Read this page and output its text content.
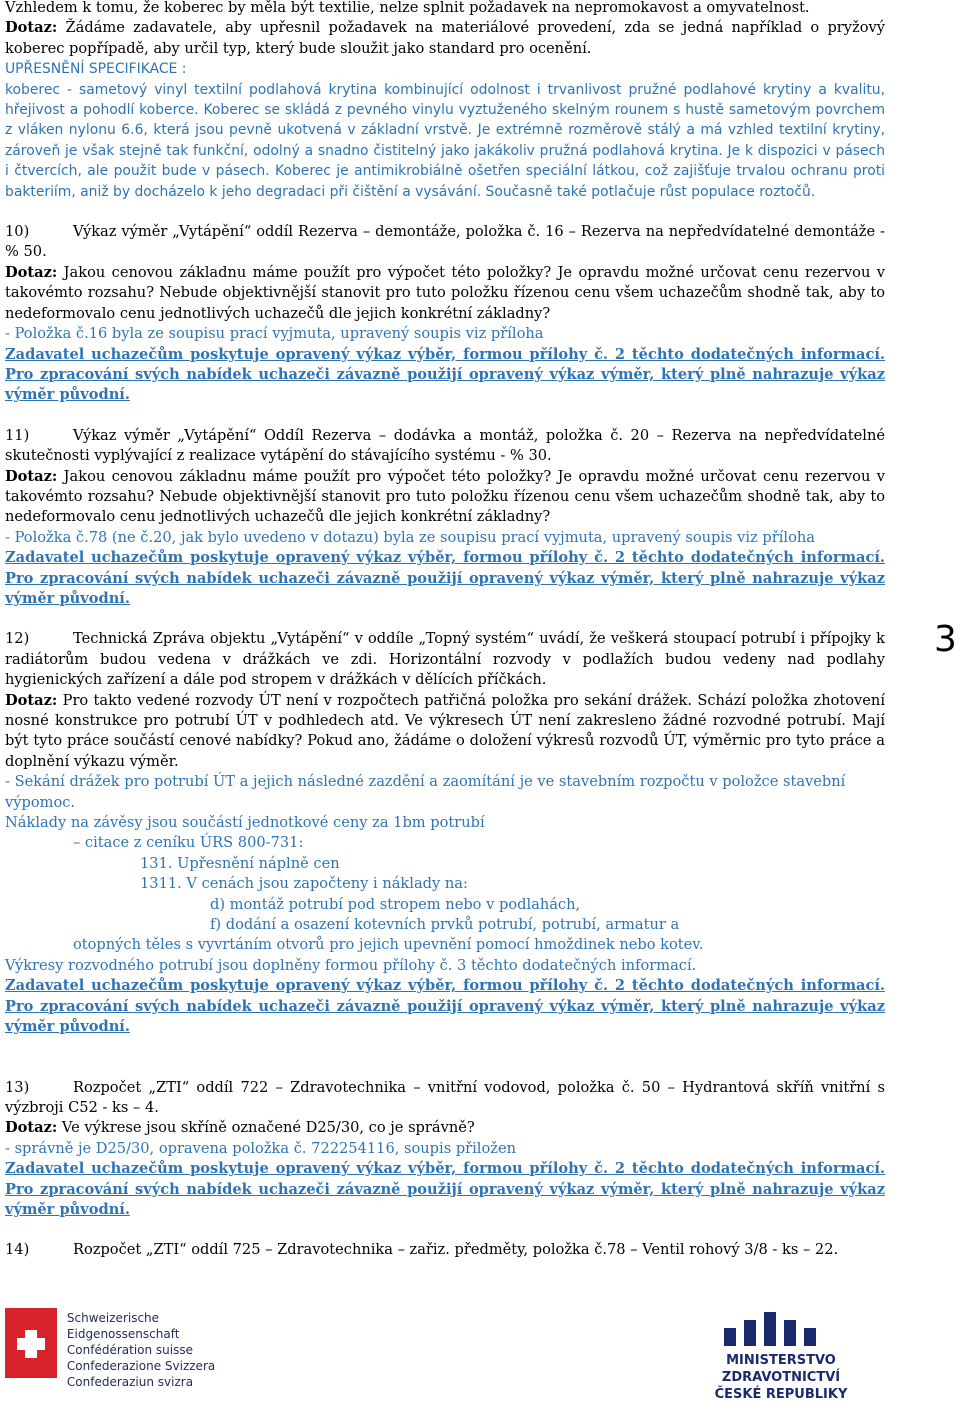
Vzhledem k tomu, že koberec by měla být textilie, nelze splnit požadavek na nepromokavost a omyvatelnost.

Dotaz: Žádáme zadavatele, aby upřesnil požadavek na materiálové provedení, zda se jedná například o pryžový koberec popřípadě, aby určil typ, který bude sloužit jako standard pro ocenění.

UPŘESNĚNÍ SPECIFIKACE :

koberec - sametový vinyl textilní podlahová krytina kombinující odolnost i trvanlivost pružné podlahové krytiny a kvalitu, hřejivost a pohodlí koberce. Koberec se skládá z pevného vinylu vyztuženého skelným rounem s hustě sametovým povrchem z vláken nylonu 6.6, která jsou pevně ukotvená v základní vrstvě. Je extrémně rozměrově stálý a má vzhled textilní krytiny, zároveň je však stejně tak funkční, odolný a snadno čistitelný jako jakákoliv pružná podlahová krytina. Je k dispozici v pásech i čtvercích, ale použit bude v pásech. Koberec je antimikrobiálně ošetřen speciální látkou, což zajišťuje trvalou ochranu proti bakteriím, aniž by docházelo k jeho degradaci při čištění a vysávání. Současně také potlačuje růst populace roztočů.

10)	Výkaz výměr „Vytápění“ oddíl Rezerva – demontáže, položka č. 16 – Rezerva na nepředvídatelné demontáže - % 50.

Dotaz: Jakou cenovou základnu máme použít pro výpočet této položky? Je opravdu možné určovat cenu rezervou v takovémto rozsahu? Nebude objektivnější stanovit pro tuto položku řízenou cenu všem uchazečům shodně tak, aby to nedeformovalo cenu jednotlivých uchazečů dle jejich konkrétní základny?

- Položka č.16 byla ze soupisu prací vyjmuta, upravený soupis viz příloha

Zadavatel uchazečům poskytuje opravený výkaz výběr, formou přílohy č. 2 těchto dodatečných informací. Pro zpracování svých nabídek uchazeči závazně použijí opravený výkaz výměr, který plně nahrazuje výkaz výměr původní.

11)	Výkaz výměr „Vytápění“ Oddíl Rezerva – dodávka a montáž, položka č. 20 – Rezerva na nepředvídatelné skutečnosti vyplývající z realizace vytápění do stávajícího systému - % 30.

Dotaz: Jakou cenovou základnu máme použít pro výpočet této položky? Je opravdu možné určovat cenu rezervou v takovémto rozsahu? Nebude objektivnější stanovit pro tuto položku řízenou cenu všem uchazečům shodně tak, aby to nedeformovalo cenu jednotlivých uchazečů dle jejich konkrétní základny?

- Položka č.78 (ne č.20, jak bylo uvedeno v dotazu) byla ze soupisu prací vyjmuta, upravený soupis viz příloha

Zadavatel uchazečům poskytuje opravený výkaz výběr, formou přílohy č. 2 těchto dodatečných informací. Pro zpracování svých nabídek uchazeči závazně použijí opravený výkaz výměr, který plně nahrazuje výkaz výměr původní.

12)	Technická Zpráva objektu „Vytápění“ v oddíle „Topný systém“ uvádí, že veškerá stoupací potrubí i přípojky k radiátorům budou vedena v drážkách ve zdi. Horizontální rozvody v podlažích budou vedeny nad podlahy hygienických zařízení a dále pod stropem v drážkách v dělících příčkách.

Dotaz: Pro takto vedené rozvody ÚT není v rozpočtech patřičná položka pro sekání drážek. Schází položka zhotovení nosné konstrukce pro potrubí ÚT v podhledech atd. Ve výkresech ÚT není zakresleno žádné rozvodné potrubí. Mají být tyto práce součástí cenové nabídky? Pokud ano, žádáme o doložení výkresů rozvodů ÚT, výměrnic pro tyto práce a doplnění výkazu výměr.

- Sekání drážek pro potrubí ÚT a jejich následné zazdění a zaomítání je ve stavebním rozpočtu v položce stavební výpomoc.

Náklady na závěsy jsou součástí jednotkové ceny za 1bm potrubí

– citace z ceníku ÚRS 800-731:

131. Upřesnění náplně cen

1311. V cenách jsou započteny i náklady na:

d) montáž potrubí pod stropem nebo v podlahách,

f) dodání a osazení kotevních prvků potrubí, potrubí, armatur a

otopných těles s vyvrtáním otvorů pro jejich upevnění pomocí hmoždinek nebo kotev.

Výkresy rozvodného potrubí jsou doplněny formou přílohy č. 3 těchto dodatečných informací.

Zadavatel uchazečům poskytuje opravený výkaz výběr, formou přílohy č. 2 těchto dodatečných informací. Pro zpracování svých nabídek uchazeči závazně použijí opravený výkaz výměr, který plně nahrazuje výkaz výměr původní.

13)	Rozpočet „ZTI“ oddíl 722 – Zdravotechnika – vnitřní vodovod, položka č. 50 – Hydrantová skříň vnitřní s výzbroji C52 - ks – 4.

Dotaz: Ve výkrese jsou skříně označené D25/30, co je správně?

- správně je D25/30, opravena položka č. 722254116, soupis přiložen

Zadavatel uchazečům poskytuje opravený výkaz výběr, formou přílohy č. 2 těchto dodatečných informací. Pro zpracování svých nabídek uchazeči závazně použijí opravený výkaz výměr, který plně nahrazuje výkaz výměr původní.

14)	Rozpočet „ZTI“ oddíl 725 – Zdravotechnika – zařiz. předměty, položka č.78 – Ventil rohový 3/8 - ks – 22.

3
Schweizerische Eidgenossenschaft
Confédération suisse
Confederazione Svizzera
Confederaziun svizra
MINISTERSTVO ZDRAVOTNICTVÍ
ČESKÉ REPUBLIKY
